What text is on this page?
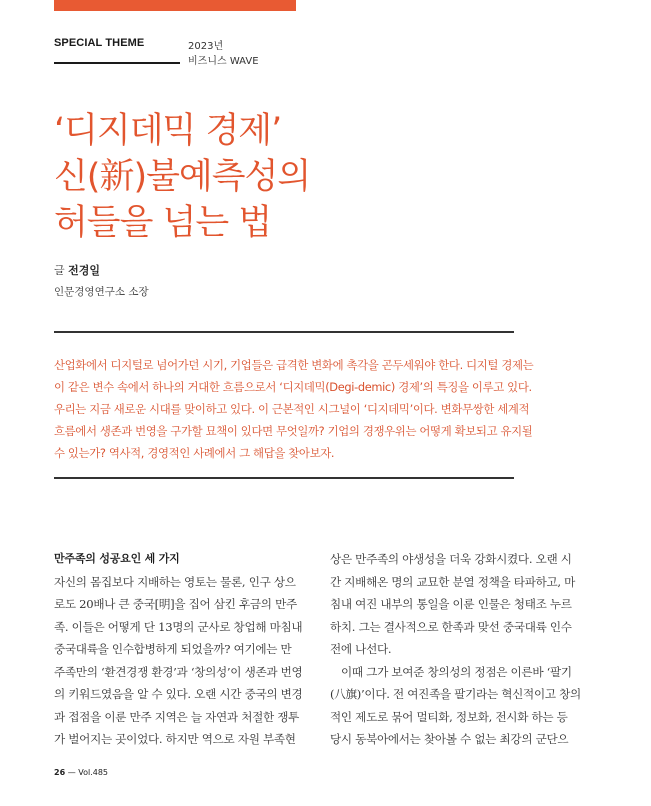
SPECIAL THEME	2023년
비즈니스 WAVE
‘디지데믹 경제’
신(新)불예측성의
허들을 넘는 법
글 전경일
인문경영연구소 소장
산업화에서 디지털로 넘어가던 시기, 기업들은 급격한 변화에 촉각을 곤두세워야 한다. 디지털 경제는
이 같은 변수 속에서 하나의 거대한 흐름으로서 ‘디지데믹(Degi-demic) 경제’의 특징을 이루고 있다.
우리는 지금 새로운 시대를 맞이하고 있다. 이 근본적인 시그널이 ‘디지데믹’이다. 변화무쌍한 세계적
흐름에서 생존과 번영을 구가할 묘책이 있다면 무엇일까? 기업의 경쟁우위는 어떻게 확보되고 유지될
수 있는가? 역사적, 경영적인 사례에서 그 해답을 찾아보자.
만주족의 성공요인 세 가지
자신의 몸집보다 지배하는 영토는 물론, 인구 상으
로도 20배나 큰 중국[明]을 집어 삼킨 후금의 만주
족. 이들은 어떻게 단 13명의 군사로 창업해 마침내
중국대륙을 인수합병하게 되었을까? 여기에는 만
주족만의 ‘환견경쟁 환경’과 ‘창의성’이 생존과 번영
의 키워드였음을 알 수 있다. 오랜 시간 중국의 변경
과 접점을 이룬 만주 지역은 늘 자연과 처절한 쟁투
가 벌어지는 곳이었다. 하지만 역으로 자원 부족현
상은 만주족의 야생성을 더욱 강화시켰다. 오랜 시
간 지배해온 명의 교묘한 분열 정책을 타파하고, 마
침내 여진 내부의 통일을 이룬 인물은 청태조 누르
하치. 그는 결사적으로 한족과 맞선 중국대륙 인수
전에 나선다.
이때 그가 보여준 창의성의 정점은 이른바 ‘팔기
(八旗)’이다. 전 여진족을 팔기라는 혁신적이고 창의
적인 제도로 묶어 멀티화, 정보화, 전시화 하는 등
당시 동북아에서는 찾아볼 수 없는 최강의 군단으
26 — Vol.485
